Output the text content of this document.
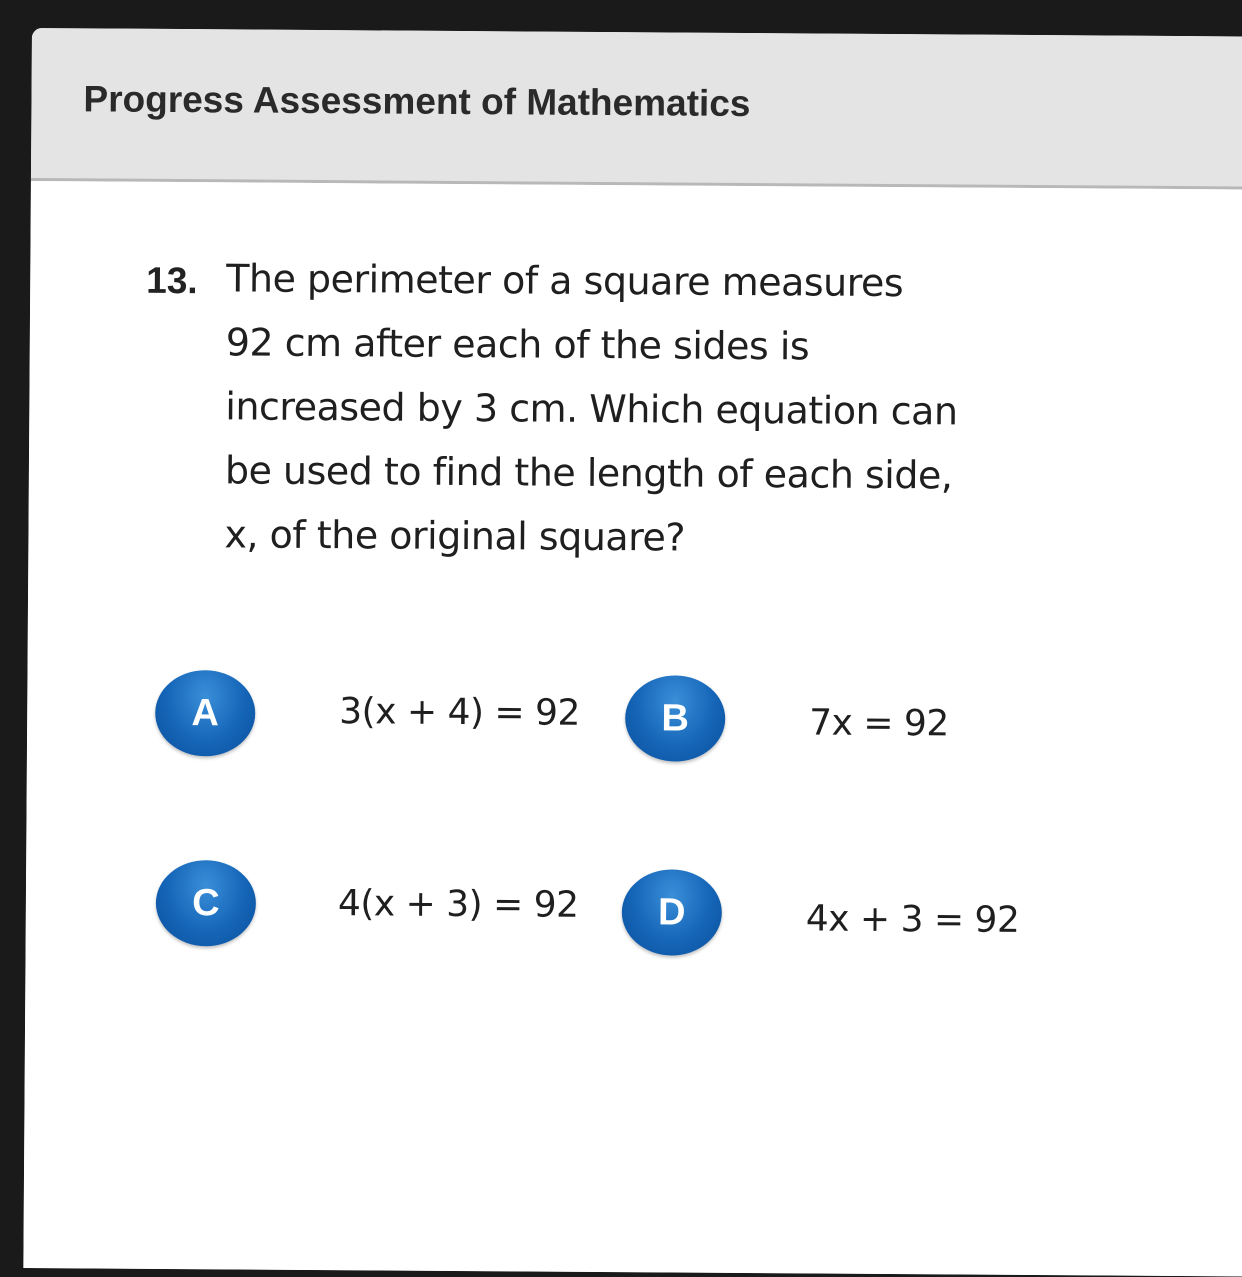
Progress Assessment of Mathematics
13. The perimeter of a square measures
92 cm after each of the sides is
increased by 3 cm. Which equation can
be used to find the length of each side,
x, of the original square?

A	3(x + 4) = 92	B	7x = 92
C	4(x + 3) = 92	D	4x + 3 = 92
